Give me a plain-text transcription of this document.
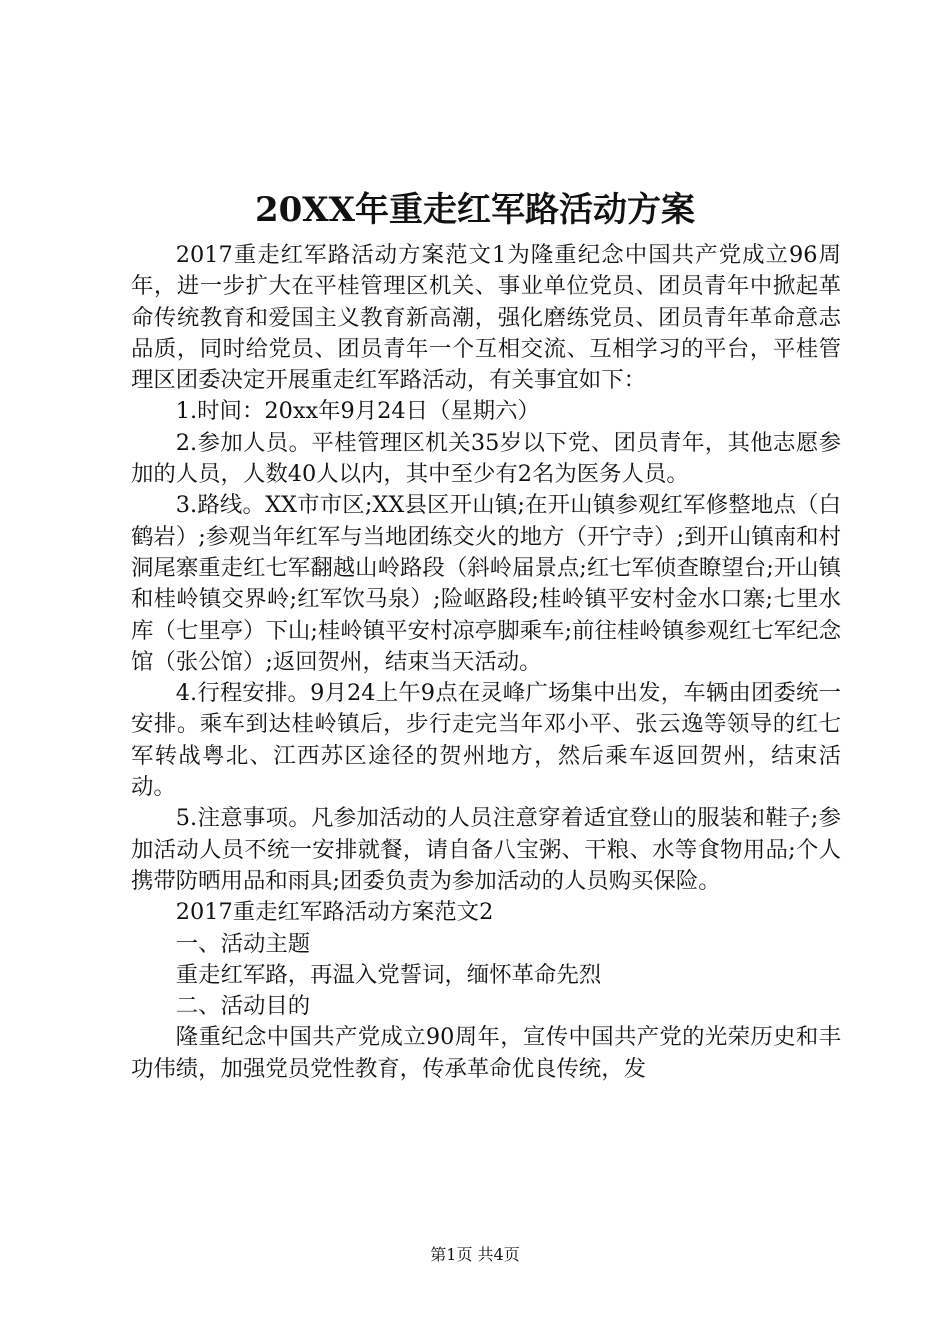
20XX年重走红军路活动方案

2017重走红军路活动方案范文1为隆重纪念中国共产党成立96周年，进一步扩大在平桂管理区机关、事业单位党员、团员青年中掀起革命传统教育和爱国主义教育新高潮，强化磨练党员、团员青年革命意志品质，同时给党员、团员青年一个互相交流、互相学习的平台，平桂管理区团委决定开展重走红军路活动，有关事宜如下：

1.时间：20xx年9月24日（星期六）

2.参加人员。平桂管理区机关35岁以下党、团员青年，其他志愿参加的人员，人数40人以内，其中至少有2名为医务人员。

3.路线。XX市市区;XX县区开山镇;在开山镇参观红军修整地点（白鹤岩）;参观当年红军与当地团练交火的地方（开宁寺）;到开山镇南和村洞尾寨重走红七军翻越山岭路段（斜岭届景点;红七军侦查瞭望台;开山镇和桂岭镇交界岭;红军饮马泉）;险岖路段;桂岭镇平安村金水口寨;七里水库（七里亭）下山;桂岭镇平安村凉亭脚乘车;前往桂岭镇参观红七军纪念馆（张公馆）;返回贺州，结束当天活动。

4.行程安排。9月24上午9点在灵峰广场集中出发，车辆由团委统一安排。乘车到达桂岭镇后，步行走完当年邓小平、张云逸等领导的红七军转战粤北、江西苏区途径的贺州地方，然后乘车返回贺州，结束活动。

5.注意事项。凡参加活动的人员注意穿着适宜登山的服装和鞋子;参加活动人员不统一安排就餐，请自备八宝粥、干粮、水等食物用品;个人携带防晒用品和雨具;团委负责为参加活动的人员购买保险。

2017重走红军路活动方案范文2

一、活动主题

重走红军路，再温入党誓词，缅怀革命先烈

二、活动目的

隆重纪念中国共产党成立90周年，宣传中国共产党的光荣历史和丰功伟绩，加强党员党性教育，传承革命优良传统，发

第1页 共4页
